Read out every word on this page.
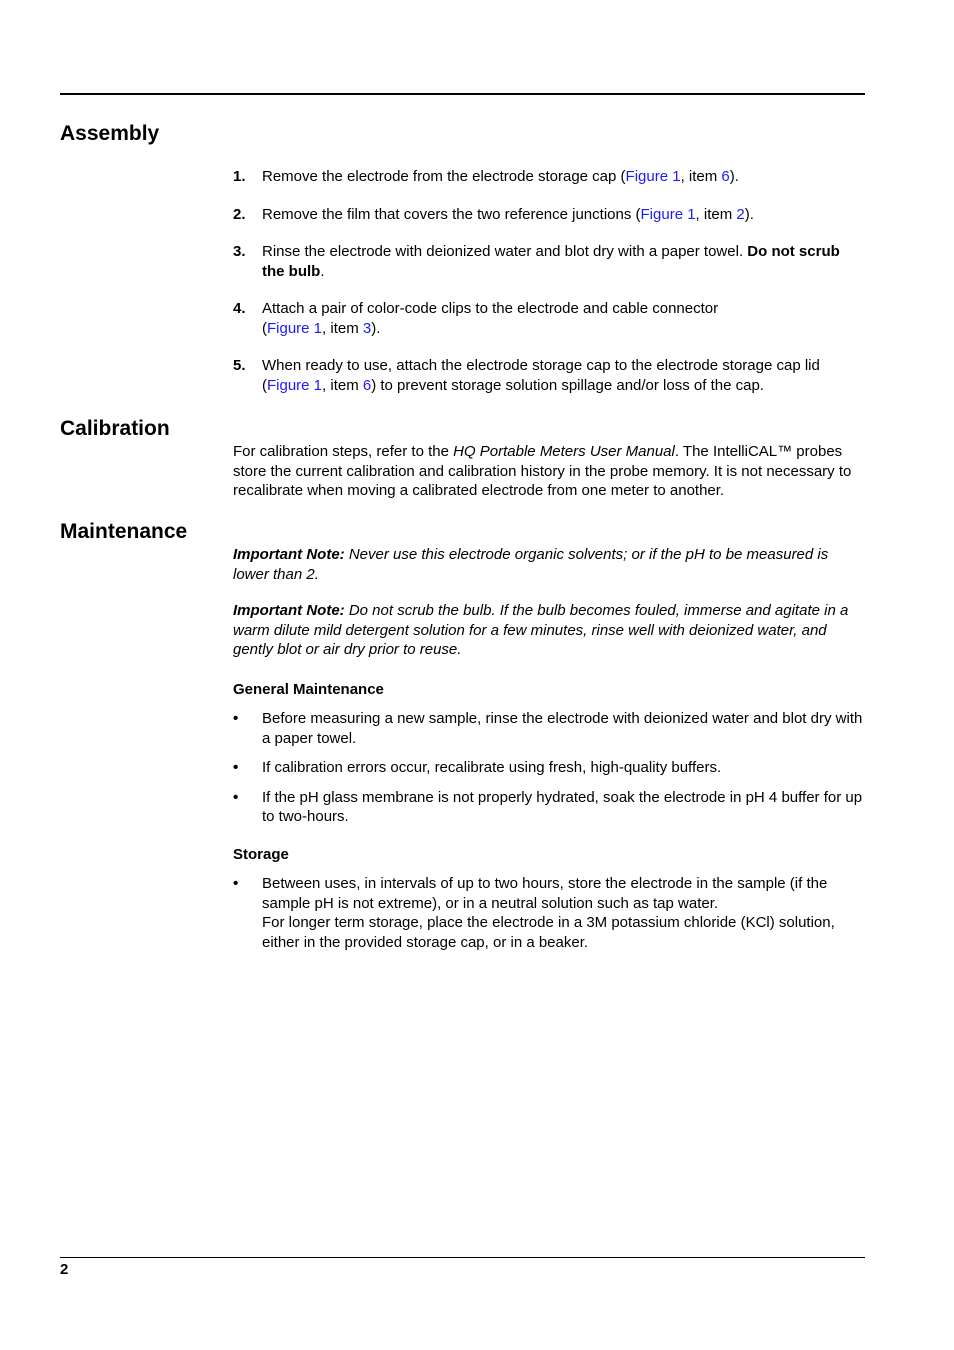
Assembly
1. Remove the electrode from the electrode storage cap (Figure 1, item 6).
2. Remove the film that covers the two reference junctions (Figure 1, item 2).
3. Rinse the electrode with deionized water and blot dry with a paper towel. Do not scrub the bulb.
4. Attach a pair of color-code clips to the electrode and cable connector
(Figure 1, item 3).
5. When ready to use, attach the electrode storage cap to the electrode storage cap lid (Figure 1, item 6) to prevent storage solution spillage and/or loss of the cap.
Calibration

For calibration steps, refer to the HQ Portable Meters User Manual. The IntelliCAL™ probes store the current calibration and calibration history in the probe memory. It is not necessary to recalibrate when moving a calibrated electrode from one meter to another.

Maintenance

Important Note: Never use this electrode organic solvents; or if the pH to be measured is lower than 2.

Important Note: Do not scrub the bulb. If the bulb becomes fouled, immerse and agitate in a warm dilute mild detergent solution for a few minutes, rinse well with deionized water, and gently blot or air dry prior to reuse.

General Maintenance
• Before measuring a new sample, rinse the electrode with deionized water and blot dry with a paper towel.
• If calibration errors occur, recalibrate using fresh, high-quality buffers.
• If the pH glass membrane is not properly hydrated, soak the electrode in pH 4 buffer for up to two-hours.
Storage
• Between uses, in intervals of up to two hours, store the electrode in the sample (if the sample pH is not extreme), or in a neutral solution such as tap water.
For longer term storage, place the electrode in a 3M potassium chloride (KCl) solution, either in the provided storage cap, or in a beaker.
2
